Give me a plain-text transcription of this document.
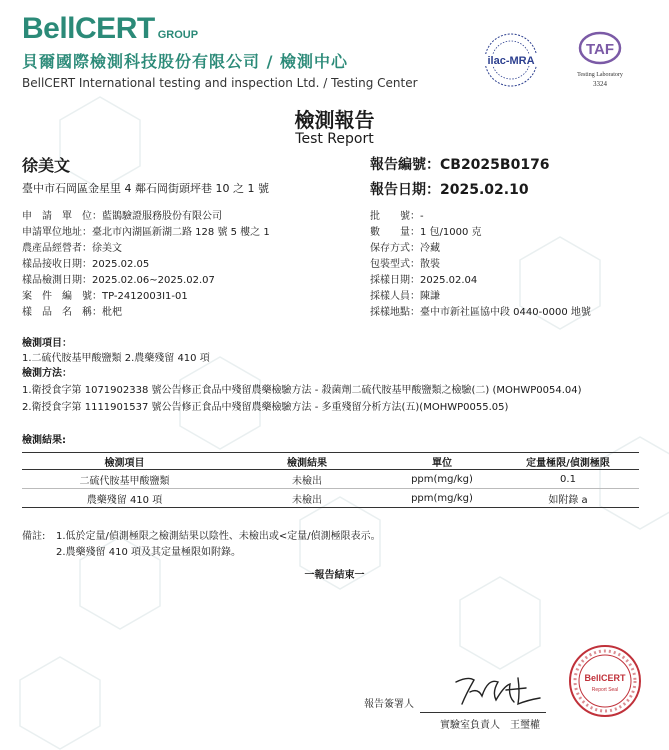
BellCERT GROUP
貝爾國際檢測科技股份有限公司 / 檢測中心
BellCERT International testing and inspection Ltd. / Testing Center
ilac-MRA
TAF
Testing Laboratory
3324
檢測報告
Test Report
徐美文
臺中市石岡區金星里 4 鄰石岡街頭坪巷 10 之 1 號
報告編號：CB2025B0176
報告日期：2025.02.10
申　請　單　位：藍鵲驗證服務股份有限公司
申請單位地址：臺北市內湖區新湖二路 128 號 5 樓之 1
農產品經營者：徐美文
樣品接收日期：2025.02.05
樣品檢測日期：2025.02.06~2025.02.07
案　件　編　號：TP-2412003I1-01
樣　品　名　稱：枇杷
批　　號：-
數　　量：1 包/1000 克
保存方式：冷藏
包裝型式：散裝
採樣日期：2025.02.04
採樣人員：陳謙
採樣地點：臺中市新社區協中段 0440-0000 地號
檢測項目：
1.二硫代胺基甲酸鹽類 2.農藥殘留 410 項
檢測方法：
1.衛授食字第 1071902338 號公告修正食品中殘留農藥檢驗方法 - 殺菌劑二硫代胺基甲酸鹽類之檢驗(二) (MOHWP0054.04)
2.衛授食字第 1111901537 號公告修正食品中殘留農藥檢驗方法 - 多重殘留分析方法(五)(MOHWP0055.05)
檢測結果:
檢測項目	檢測結果	單位	定量極限/偵測極限
二硫代胺基甲酸鹽類	未檢出	ppm(mg/kg)	0.1
農藥殘留 410 項	未檢出	ppm(mg/kg)	如附錄 a
備註: 1.低於定量/偵測極限之檢測結果以陰性、未檢出或<定量/偵測極限表示。
2.農藥殘留 410 項及其定量極限如附錄。
一報告結束一
報告簽署人
實驗室負責人　王璽權
BellCERT
Report Seal
